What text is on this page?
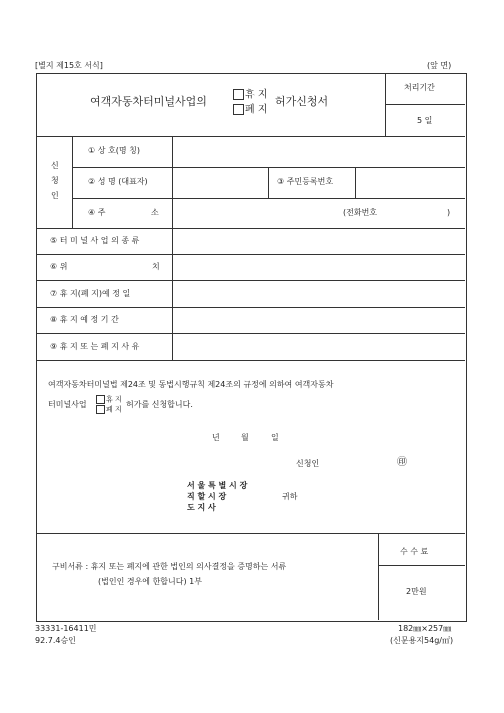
[별지 제15호 서식]	(앞 면)
여객자동차터미널사업의	휴 지
폐 지
허가신청서
처리기간
5 일
신
청
인
① 상 호(명 칭)
② 성 명 (대표자)	③ 주민등록번호
④ 주	소	(전화번호	)
⑤ 터 미 널 사 업 의 종 류
⑥ 위	치
⑦ 휴 지(폐 지)예 정 일
⑧ 휴 지 예 정 기 간
⑨ 휴 지 또 는 폐 지 사 유
여객자동차터미널법 제24조 및 동법시행규칙 제24조의 규정에 의하여 여객자동차
터미널사업
휴 지
폐 지
허가를 신청합니다.
년	월	일
신청인	㊞
서 울 특 별 시 장
직 할 시 장
도 지 사
귀하
구비서류 : 휴지 또는 폐지에 관한 법인의 의사결정을 증명하는 서류
(법인인 경우에 한합니다) 1부
수 수 료
2만원
33331-16411민
92.7.4승인
182㎜×257㎜
(신문용지54g/㎡)
